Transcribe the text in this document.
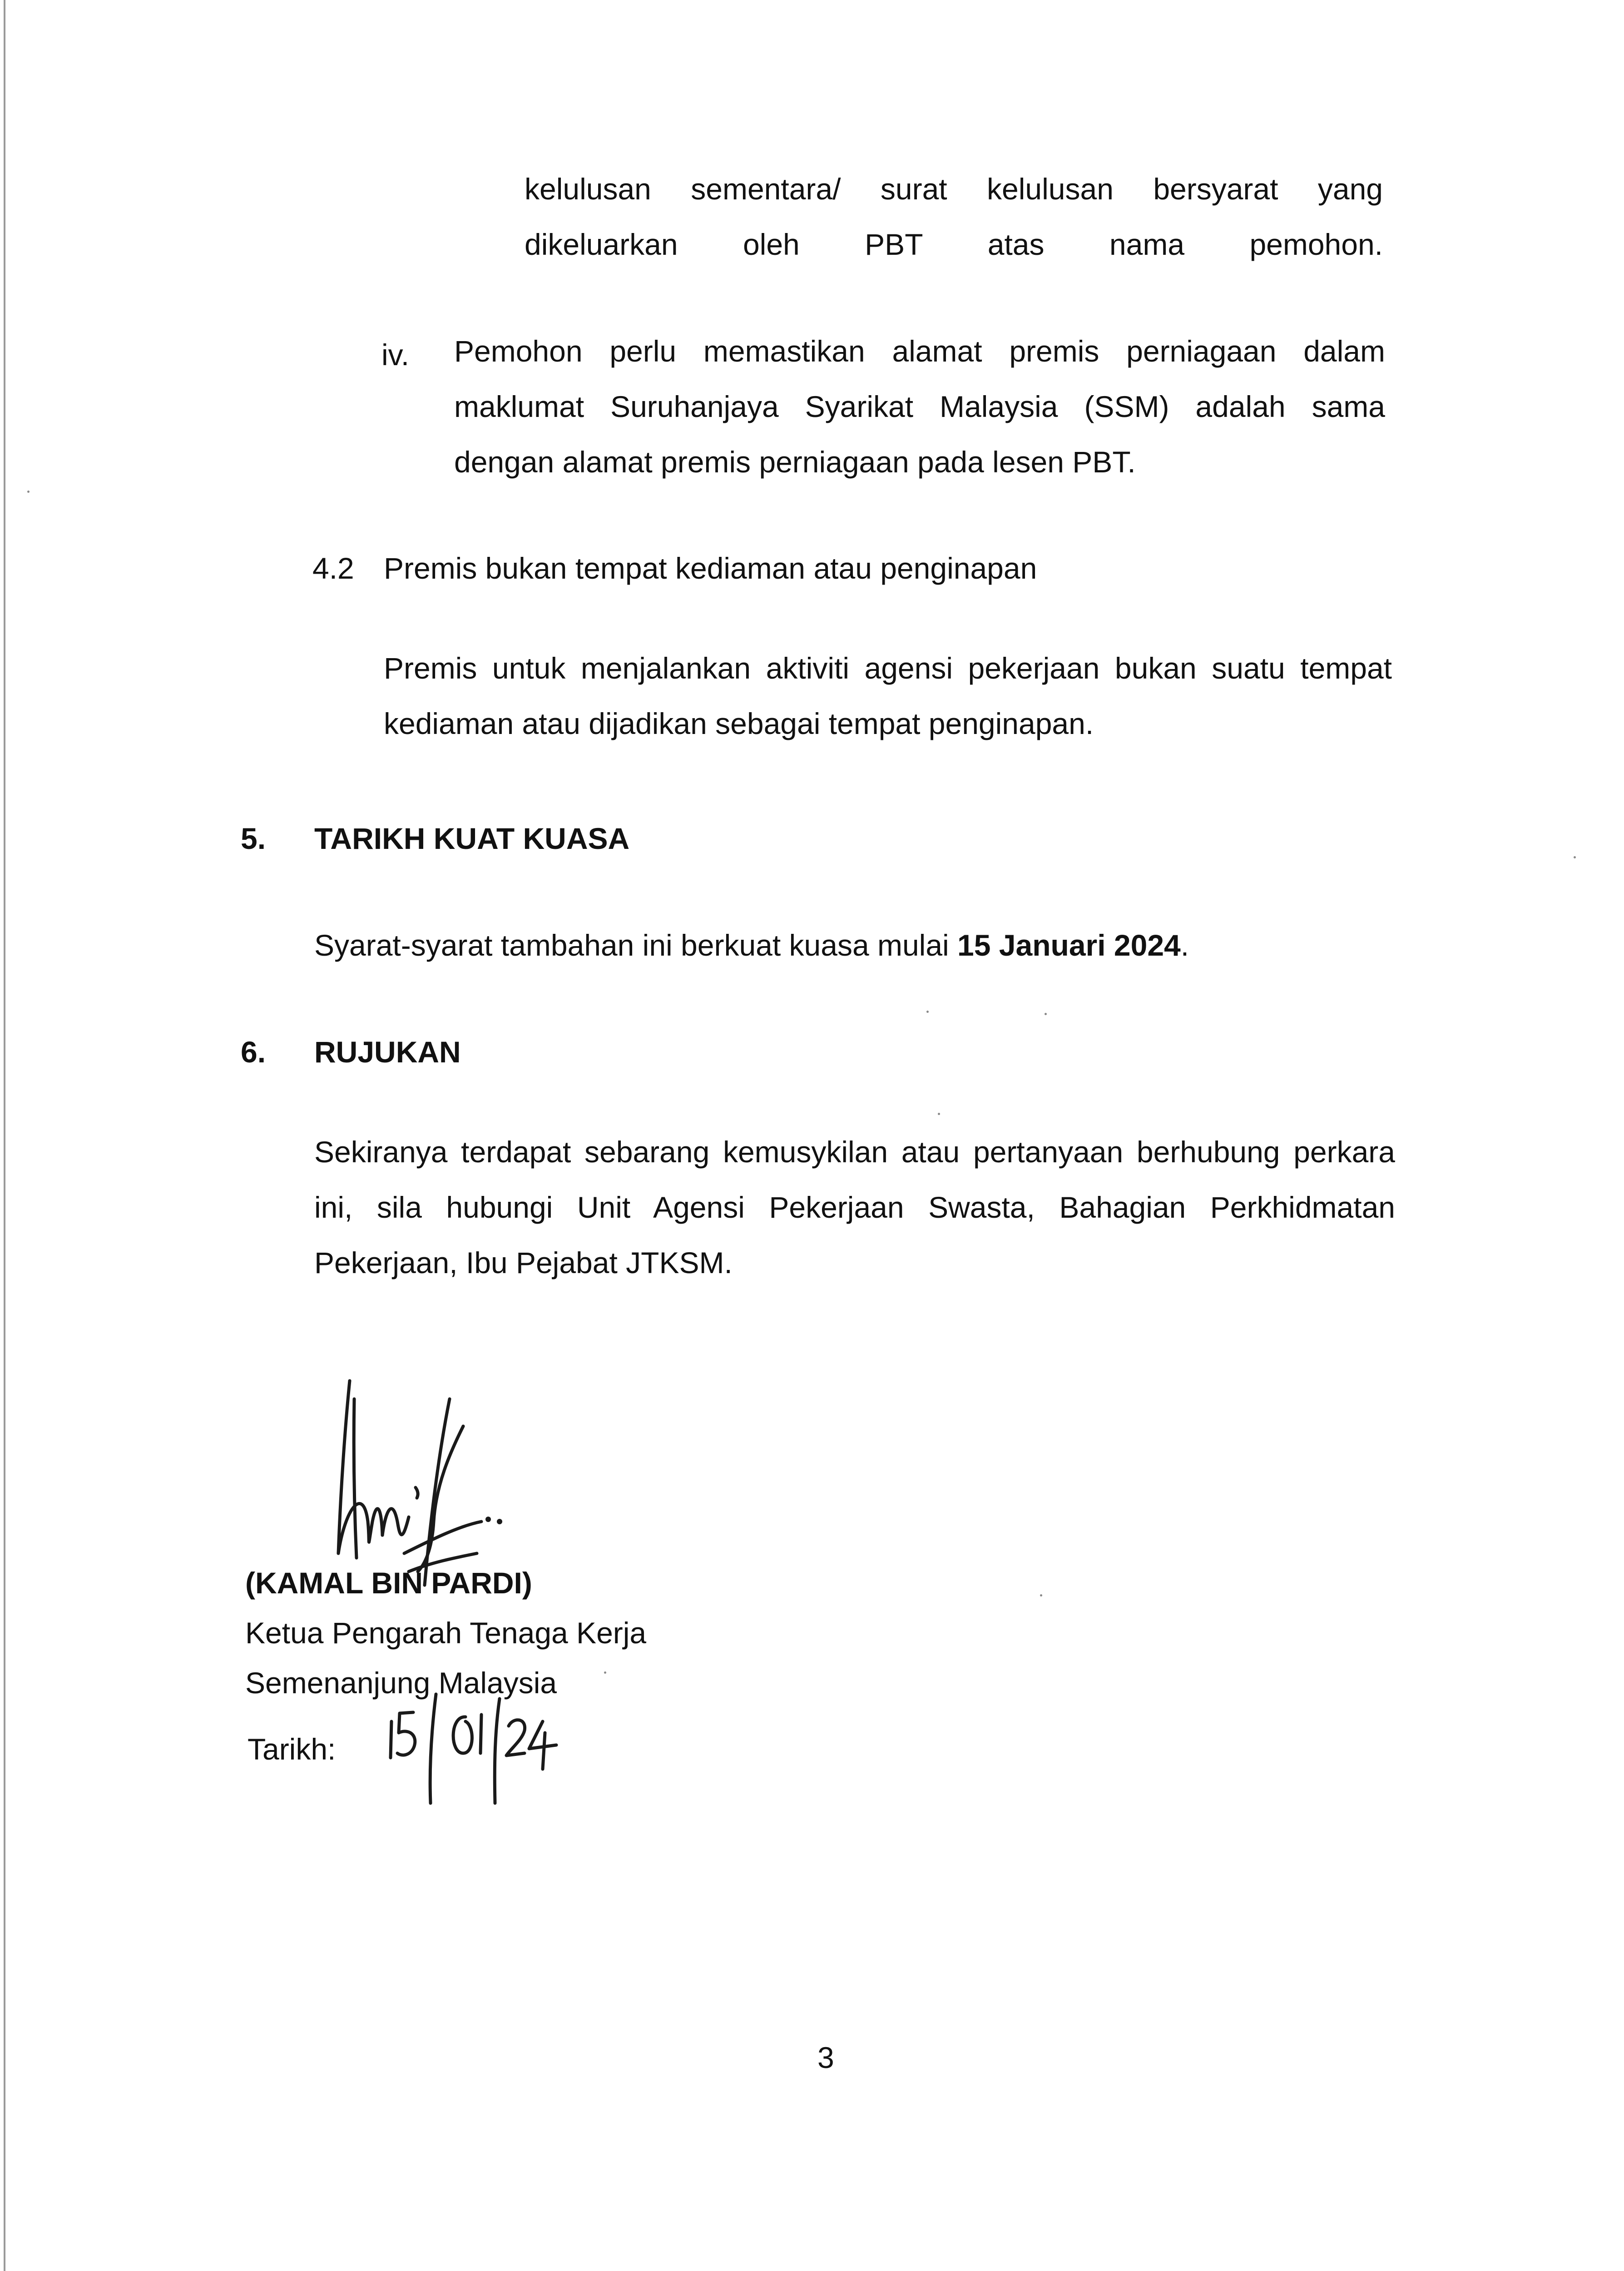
kelulusan sementara/ surat kelulusan bersyarat yang dikeluarkan oleh PBT atas nama pemohon.
iv. Pemohon perlu memastikan alamat premis perniagaan dalam maklumat Suruhanjaya Syarikat Malaysia (SSM) adalah sama dengan alamat premis perniagaan pada lesen PBT.
4.2 Premis bukan tempat kediaman atau penginapan
Premis untuk menjalankan aktiviti agensi pekerjaan bukan suatu tempat kediaman atau dijadikan sebagai tempat penginapan.
5. TARIKH KUAT KUASA
Syarat-syarat tambahan ini berkuat kuasa mulai 15 Januari 2024.
6. RUJUKAN
Sekiranya terdapat sebarang kemusykilan atau pertanyaan berhubung perkara ini, sila hubungi Unit Agensi Pekerjaan Swasta, Bahagian Perkhidmatan Pekerjaan, Ibu Pejabat JTKSM.
(KAMAL BIN PARDI)
Ketua Pengarah Tenaga Kerja
Semenanjung Malaysia
Tarikh:
3
